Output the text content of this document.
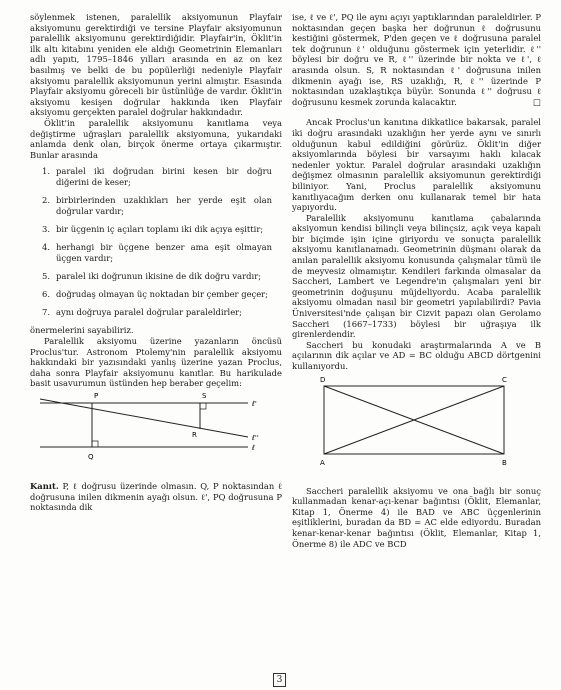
söylenmek istenen, paralellik aksiyomunun Playfair aksiyomunu gerektirdiği ve tersine Playfair aksiyomunun paralellik aksiyomunu gerektirdiğidir. Playfair'in, Öklit'in ilk altı kitabını yeniden ele aldığı Geometrinin Elemanları adlı yapıtı, 1795–1846 yılları arasında en az on kez basılmış ve belki de bu popülerliği nedeniyle Playfair aksiyomu paralellik aksiyomunun yerini almıştır. Esasında Playfair aksiyomu göreceli bir üstünlüğe de vardır. Öklit'in aksiyomu kesişen doğrular hakkında iken Playfair aksiyomu gerçekten paralel doğrular hakkındadır.

Öklit'in paralellik aksiyomunu kanıtlama veya değiştirme uğraşları paralellik aksiyomuna, yukarıdaki anlamda denk olan, birçok önerme ortaya çıkarmıştır. Bunlar arasında

1. paralel iki doğrudan birini kesen bir doğru diğerini de keser;
2. birbirlerinden uzaklıkları her yerde eşit olan doğrular vardır;
3. bir üçgenin iç açıları toplamı iki dik açıya eşittir;
4. herhangi bir üçgene benzer ama eşit olmayan üçgen vardır;
5. paralel iki doğrunun ikisine de dik doğru vardır;
6. doğrudaş olmayan üç noktadan bir çember geçer;
7. aynı doğruya paralel doğrular paraleldirler;

önermelerini sayabiliriz.

Paralellik aksiyomu üzerine yazanların öncüsü Proclus'tur. Astronom Ptolemy'nin paralellik aksiyomu hakkındaki bir yazısındaki yanlış üzerine yazan Proclus, daha sonra Playfair aksiyomunu kanıtlar. Bu harikulade basit usavurumun üstünden hep beraber geçelim:

P	S
R
Q
ℓ'
ℓ''
ℓ

Kanıt. P, ℓ doğrusu üzerinde olmasın. Q, P noktasından ℓ doğrusuna inilen dikmenin ayağı olsun. ℓ', PQ doğrusuna P noktasında dik

ise, ℓ ve ℓ', PQ ile aynı açıyı yaptıklarından paraleldirler. P noktasından geçen başka her doğrunun ℓ doğrusunu kestiğini göstermek, P'den geçen ve ℓ doğrusuna paralel tek doğrunun ℓ' olduğunu göstermek için yeterlidir. ℓ'' böylesi bir doğru ve R, ℓ'' üzerinde bir nokta ve ℓ', ℓ arasında olsun. S, R noktasından ℓ' doğrusuna inilen dikmenin ayağı ise, RS uzaklığı, R, ℓ'' üzerinde P noktasından uzaklaştıkça büyür. Sonunda ℓ'' doğrusu ℓ doğrusunu kesmek zorunda kalacaktır.	□

Ancak Proclus'un kanıtına dikkatlice bakarsak, paralel iki doğru arasındaki uzaklığın her yerde aynı ve sınırlı olduğunun kabul edildiğini görürüz. Öklit'in diğer aksiyomlarında böylesi bir varsayımı haklı kılacak nedenler yoktur. Paralel doğrular arasındaki uzaklığın değişmez olmasının paralellik aksiyomunun gerektirdiği biliniyor. Yani, Proclus paralellik aksiyomunu kanıtlıyacağım derken onu kullanarak temel bir hata yapıyordu.

Paralellik aksiyomunu kanıtlama çabalarında aksiyomun kendisi bilinçli veya bilinçsiz, açık veya kapalı bir biçimde işin içine giriyordu ve sonuçta paralellik aksiyomu kanıtlanamadı. Geometrinin düşmanı olarak da anılan paralellik aksiyomu konusunda çalışmalar tümü ile de meyvesiz olmamıştır. Kendileri farkında olmasalar da Saccheri, Lambert ve Legendre'ın çalışmaları yeni bir geometrinin doğuşunu müjdeliyordu. Acaba paralellik aksiyomu olmadan nasıl bir geometri yapılabilirdi? Pavia Üniversitesi'nde çalışan bir Cizvit papazı olan Gerolamo Saccheri (1667–1733) böylesi bir uğraşıya ilk girenlerdendir.

Saccheri bu konudaki araştırmalarında A ve B açılarının dik açılar ve AD = BC olduğu ABCD dörtgenini kullanıyordu.

D	C
A	B

Saccheri paralellik aksiyomu ve ona bağlı bir sonuç kullanmadan kenar-açı-kenar bağıntısı (Öklit, Elemanlar, Kitap 1, Önerme 4) ile BAD ve ABC üçgenlerinin eşitliklerini, buradan da BD = AC elde ediyordu. Buradan kenar-kenar-kenar bağıntısı (Öklit, Elemanlar, Kitap 1, Önerme 8) ile ADC ve BCD

3
